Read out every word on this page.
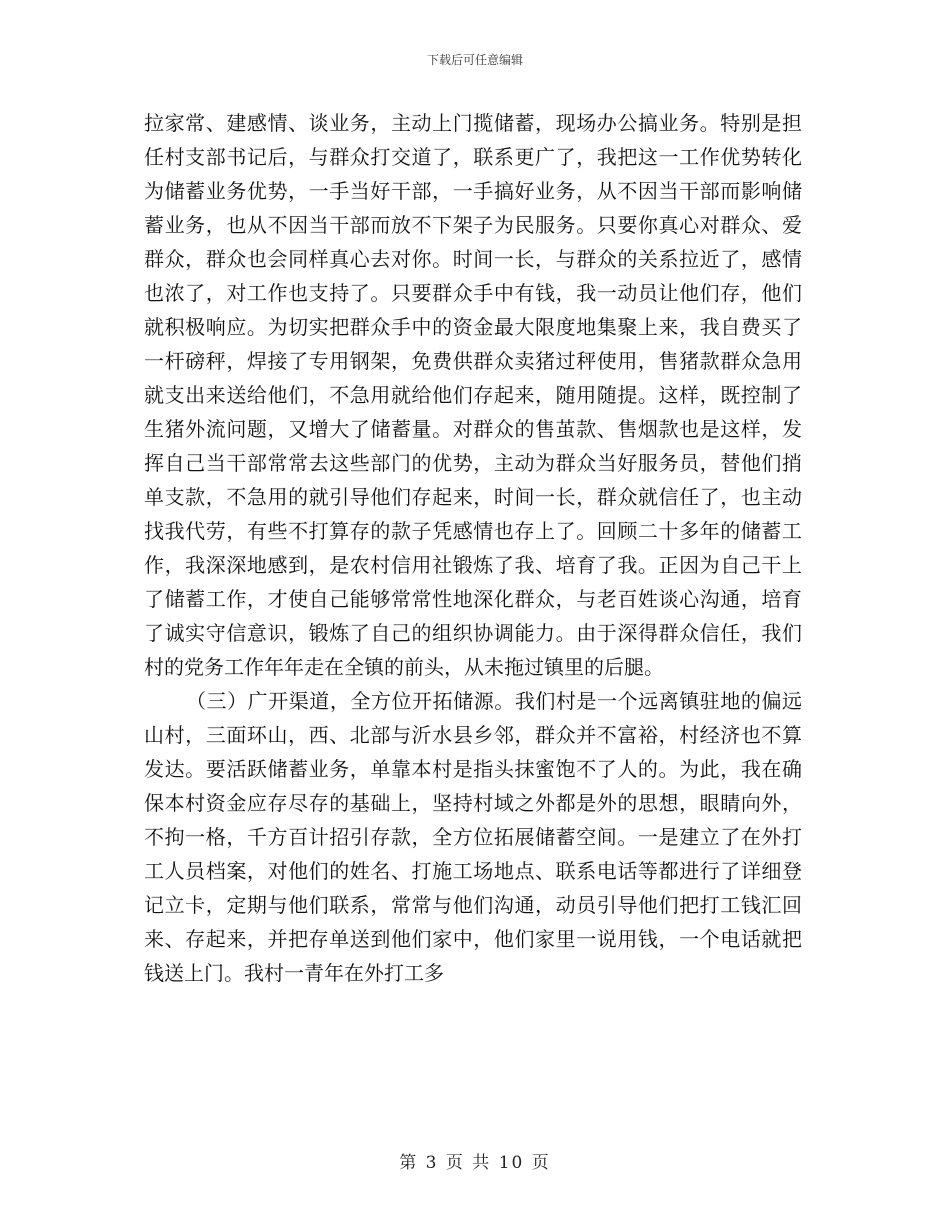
下载后可任意编辑

拉家常、建感情、谈业务，主动上门揽储蓄，现场办公搞业务。特别是担任村支部书记后，与群众打交道了，联系更广了，我把这一工作优势转化为储蓄业务优势，一手当好干部，一手搞好业务，从不因当干部而影响储蓄业务，也从不因当干部而放不下架子为民服务。只要你真心对群众、爱群众，群众也会同样真心去对你。时间一长，与群众的关系拉近了，感情也浓了，对工作也支持了。只要群众手中有钱，我一动员让他们存，他们就积极响应。为切实把群众手中的资金最大限度地集聚上来，我自费买了一杆磅秤，焊接了专用钢架，免费供群众卖猪过秤使用，售猪款群众急用就支出来送给他们，不急用就给他们存起来，随用随提。这样，既控制了生猪外流问题，又增大了储蓄量。对群众的售茧款、售烟款也是这样，发挥自己当干部常常去这些部门的优势，主动为群众当好服务员，替他们捎单支款，不急用的就引导他们存起来，时间一长，群众就信任了，也主动找我代劳，有些不打算存的款子凭感情也存上了。回顾二十多年的储蓄工作，我深深地感到，是农村信用社锻炼了我、培育了我。正因为自己干上了储蓄工作，才使自己能够常常性地深化群众，与老百姓谈心沟通，培育了诚实守信意识，锻炼了自己的组织协调能力。由于深得群众信任，我们村的党务工作年年走在全镇的前头，从未拖过镇里的后腿。

（三）广开渠道，全方位开拓储源。我们村是一个远离镇驻地的偏远山村，三面环山，西、北部与沂水县乡邻，群众并不富裕，村经济也不算发达。要活跃储蓄业务，单靠本村是指头抹蜜饱不了人的。为此，我在确保本村资金应存尽存的基础上，坚持村域之外都是外的思想，眼睛向外，不拘一格，千方百计招引存款，全方位拓展储蓄空间。一是建立了在外打工人员档案，对他们的姓名、打施工场地点、联系电话等都进行了详细登记立卡，定期与他们联系，常常与他们沟通，动员引导他们把打工钱汇回来、存起来，并把存单送到他们家中，他们家里一说用钱，一个电话就把钱送上门。我村一青年在外打工多

第 3 页 共 10 页
